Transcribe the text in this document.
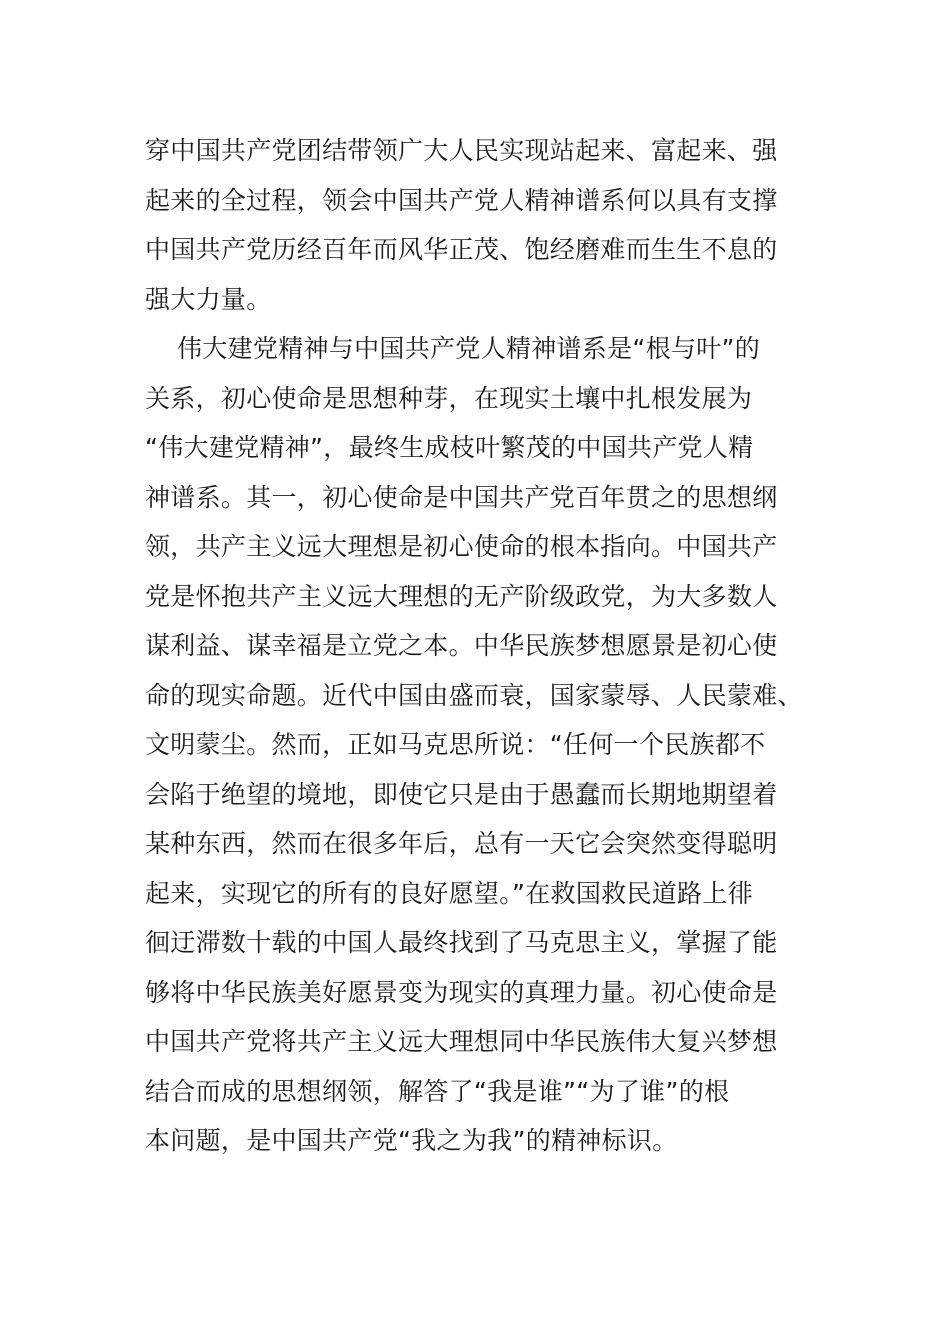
穿中国共产党团结带领广大人民实现站起来、富起来、强
起来的全过程，领会中国共产党人精神谱系何以具有支撑
中国共产党历经百年而风华正茂、饱经磨难而生生不息的
强大力量。
伟大建党精神与中国共产党人精神谱系是“根与叶”的
关系，初心使命是思想种芽，在现实土壤中扎根发展为
“伟大建党精神”，最终生成枝叶繁茂的中国共产党人精
神谱系。其一，初心使命是中国共产党百年贯之的思想纲
领，共产主义远大理想是初心使命的根本指向。中国共产
党是怀抱共产主义远大理想的无产阶级政党，为大多数人
谋利益、谋幸福是立党之本。中华民族梦想愿景是初心使
命的现实命题。近代中国由盛而衰，国家蒙辱、人民蒙难、
文明蒙尘。然而，正如马克思所说：“任何一个民族都不
会陷于绝望的境地，即使它只是由于愚蠢而长期地期望着
某种东西，然而在很多年后，总有一天它会突然变得聪明
起来，实现它的所有的良好愿望。”在救国救民道路上徘
徊迂滞数十载的中国人最终找到了马克思主义，掌握了能
够将中华民族美好愿景变为现实的真理力量。初心使命是
中国共产党将共产主义远大理想同中华民族伟大复兴梦想
结合而成的思想纲领，解答了“我是谁”“为了谁”的根
本问题，是中国共产党“我之为我”的精神标识。
